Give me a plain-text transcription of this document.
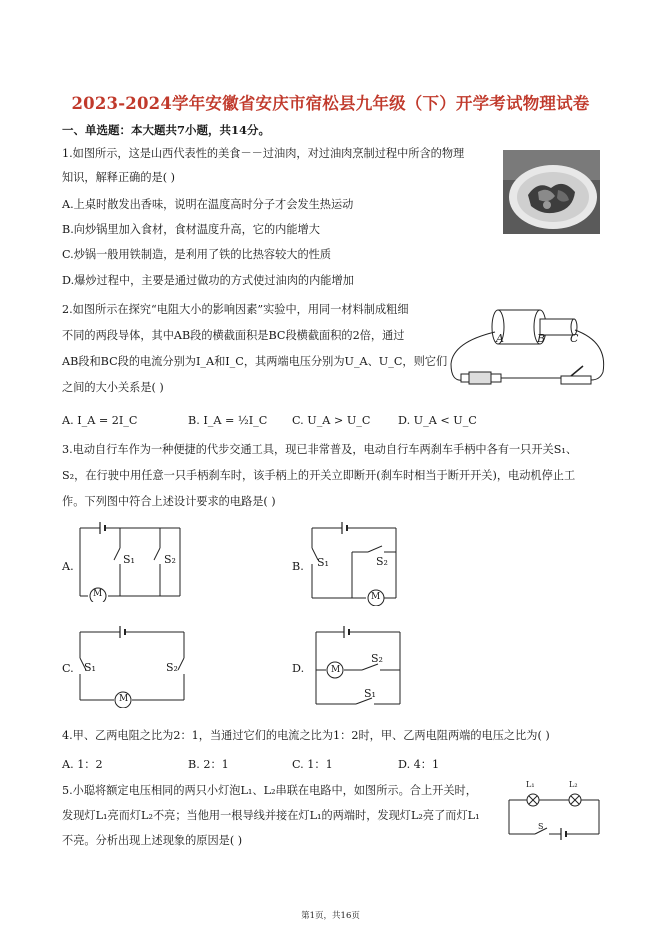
2023-2024学年安徽省安庆市宿松县九年级（下）开学考试物理试卷
一、单选题：本大题共7小题，共14分。
1.如图所示，这是山西代表性的美食－－过油肉，对过油肉烹制过程中所含的物理
知识，解释正确的是( )
A.上桌时散发出香味，说明在温度高时分子才会发生热运动
B.向炒锅里加入食材，食材温度升高，它的内能增大
C.炒锅一般用铁制造，是利用了铁的比热容较大的性质
D.爆炒过程中，主要是通过做功的方式使过油肉的内能增加
2.如图所示在探究“电阻大小的影响因素”实验中，用同一材料制成粗细
不同的两段导体，其中AB段的横截面积是BC段横截面积的2倍，通过
AB段和BC段的电流分别为I_A和I_C，其两端电压分别为U_A、U_C，则它们
之间的大小关系是( )
A. I_A = 2I_C	B. I_A = ½I_C C. U_A > U_C D. U_A < U_C
A	B C
3.电动自行车作为一种便捷的代步交通工具，现已非常普及，电动自行车两刹车手柄中各有一只开关S₁、
S₂，在行驶中用任意一只手柄刹车时，该手柄上的开关立即断开(刹车时相当于断开开关)，电动机停止工
作。下列图中符合上述设计要求的电路是( )
A.
M
S₁	S₂
B.
M
S₁	S₂
C. S₁	S₂
M
D.	M
S₂
S₁
4.甲、乙两电阻之比为2：1，当通过它们的电流之比为1：2时，甲、乙两电阻两端的电压之比为( )
A. 1：2	B. 2：1	C. 1：1	D. 4：1
5.小聪将额定电压相同的两只小灯泡L₁、L₂串联在电路中，如图所示。合上开关时，
发现灯L₁亮而灯L₂不亮；当他用一根导线并接在灯L₁的两端时，发现灯L₂亮了而灯L₁
不亮。分析出现上述现象的原因是( )
L₁	L₂
S
第1页，共16页
